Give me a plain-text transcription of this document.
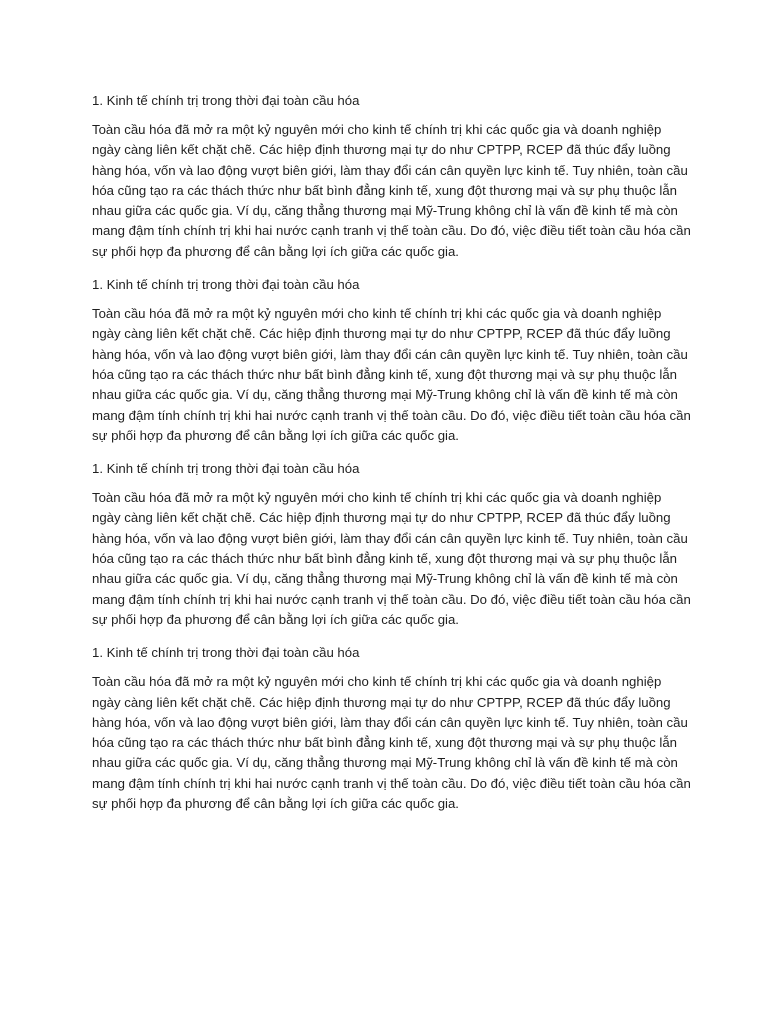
1. Kinh tế chính trị trong thời đại toàn cầu hóa

Toàn cầu hóa đã mở ra một kỷ nguyên mới cho kinh tế chính trị khi các quốc gia và doanh nghiệp ngày càng liên kết chặt chẽ. Các hiệp định thương mại tự do như CPTPP, RCEP đã thúc đẩy luồng hàng hóa, vốn và lao động vượt biên giới, làm thay đổi cán cân quyền lực kinh tế. Tuy nhiên, toàn cầu hóa cũng tạo ra các thách thức như bất bình đẳng kinh tế, xung đột thương mại và sự phụ thuộc lẫn nhau giữa các quốc gia. Ví dụ, căng thẳng thương mại Mỹ-Trung không chỉ là vấn đề kinh tế mà còn mang đậm tính chính trị khi hai nước cạnh tranh vị thế toàn cầu. Do đó, việc điều tiết toàn cầu hóa cần sự phối hợp đa phương để cân bằng lợi ích giữa các quốc gia.

1. Kinh tế chính trị trong thời đại toàn cầu hóa

Toàn cầu hóa đã mở ra một kỷ nguyên mới cho kinh tế chính trị khi các quốc gia và doanh nghiệp ngày càng liên kết chặt chẽ. Các hiệp định thương mại tự do như CPTPP, RCEP đã thúc đẩy luồng hàng hóa, vốn và lao động vượt biên giới, làm thay đổi cán cân quyền lực kinh tế. Tuy nhiên, toàn cầu hóa cũng tạo ra các thách thức như bất bình đẳng kinh tế, xung đột thương mại và sự phụ thuộc lẫn nhau giữa các quốc gia. Ví dụ, căng thẳng thương mại Mỹ-Trung không chỉ là vấn đề kinh tế mà còn mang đậm tính chính trị khi hai nước cạnh tranh vị thế toàn cầu. Do đó, việc điều tiết toàn cầu hóa cần sự phối hợp đa phương để cân bằng lợi ích giữa các quốc gia.

1. Kinh tế chính trị trong thời đại toàn cầu hóa

Toàn cầu hóa đã mở ra một kỷ nguyên mới cho kinh tế chính trị khi các quốc gia và doanh nghiệp ngày càng liên kết chặt chẽ. Các hiệp định thương mại tự do như CPTPP, RCEP đã thúc đẩy luồng hàng hóa, vốn và lao động vượt biên giới, làm thay đổi cán cân quyền lực kinh tế. Tuy nhiên, toàn cầu hóa cũng tạo ra các thách thức như bất bình đẳng kinh tế, xung đột thương mại và sự phụ thuộc lẫn nhau giữa các quốc gia. Ví dụ, căng thẳng thương mại Mỹ-Trung không chỉ là vấn đề kinh tế mà còn mang đậm tính chính trị khi hai nước cạnh tranh vị thế toàn cầu. Do đó, việc điều tiết toàn cầu hóa cần sự phối hợp đa phương để cân bằng lợi ích giữa các quốc gia.

1. Kinh tế chính trị trong thời đại toàn cầu hóa

Toàn cầu hóa đã mở ra một kỷ nguyên mới cho kinh tế chính trị khi các quốc gia và doanh nghiệp ngày càng liên kết chặt chẽ. Các hiệp định thương mại tự do như CPTPP, RCEP đã thúc đẩy luồng hàng hóa, vốn và lao động vượt biên giới, làm thay đổi cán cân quyền lực kinh tế. Tuy nhiên, toàn cầu hóa cũng tạo ra các thách thức như bất bình đẳng kinh tế, xung đột thương mại và sự phụ thuộc lẫn nhau giữa các quốc gia. Ví dụ, căng thẳng thương mại Mỹ-Trung không chỉ là vấn đề kinh tế mà còn mang đậm tính chính trị khi hai nước cạnh tranh vị thế toàn cầu. Do đó, việc điều tiết toàn cầu hóa cần sự phối hợp đa phương để cân bằng lợi ích giữa các quốc gia.
